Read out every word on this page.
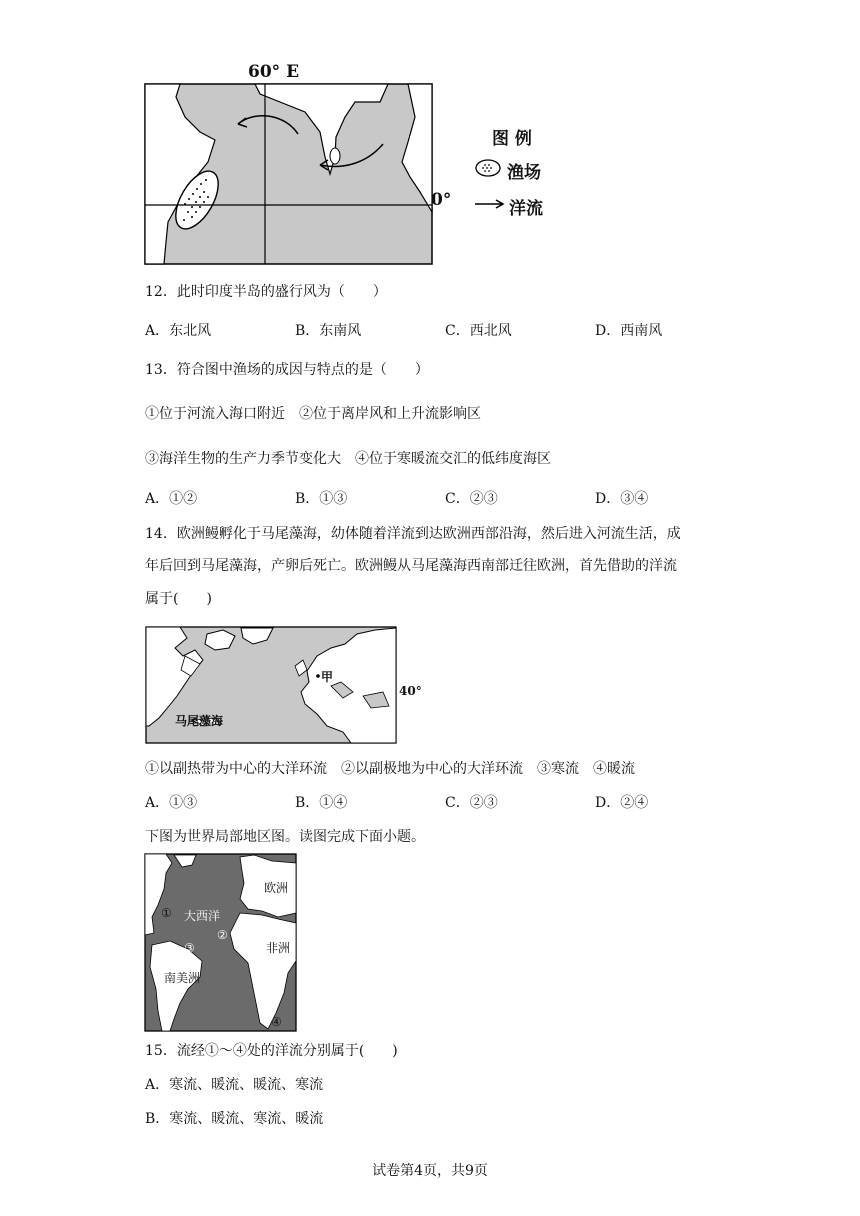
60° E
0°
图 例
渔场
洋流
12．此时印度半岛的盛行风为（　　）
A．东北风	B．东南风	C．西北风	D．西南风
13．符合图中渔场的成因与特点的是（　　）
①位于河流入海口附近　②位于离岸风和上升流影响区
③海洋生物的生产力季节变化大　④位于寒暖流交汇的低纬度海区
A．①②	B．①③	C．②③	D．③④
14．欧洲鳗孵化于马尾藻海，幼体随着洋流到达欧洲西部沿海，然后进入河流生活，成
年后回到马尾藻海，产卵后死亡。欧洲鳗从马尾藻海西南部迁往欧洲，首先借助的洋流
属于(　　)
马尾藻海
甲
40°
①以副热带为中心的大洋环流　②以副极地为中心的大洋环流　③寒流　④暖流
A．①③	B．①④	C．②③	D．②④
下图为世界局部地区图。读图完成下面小题。
欧洲
大西洋
非洲
南美洲
①
②
③
④
15．流经①～④处的洋流分别属于(　　)
A．寒流、暖流、暖流、寒流
B．寒流、暖流、寒流、暖流
试卷第4页，共9页
